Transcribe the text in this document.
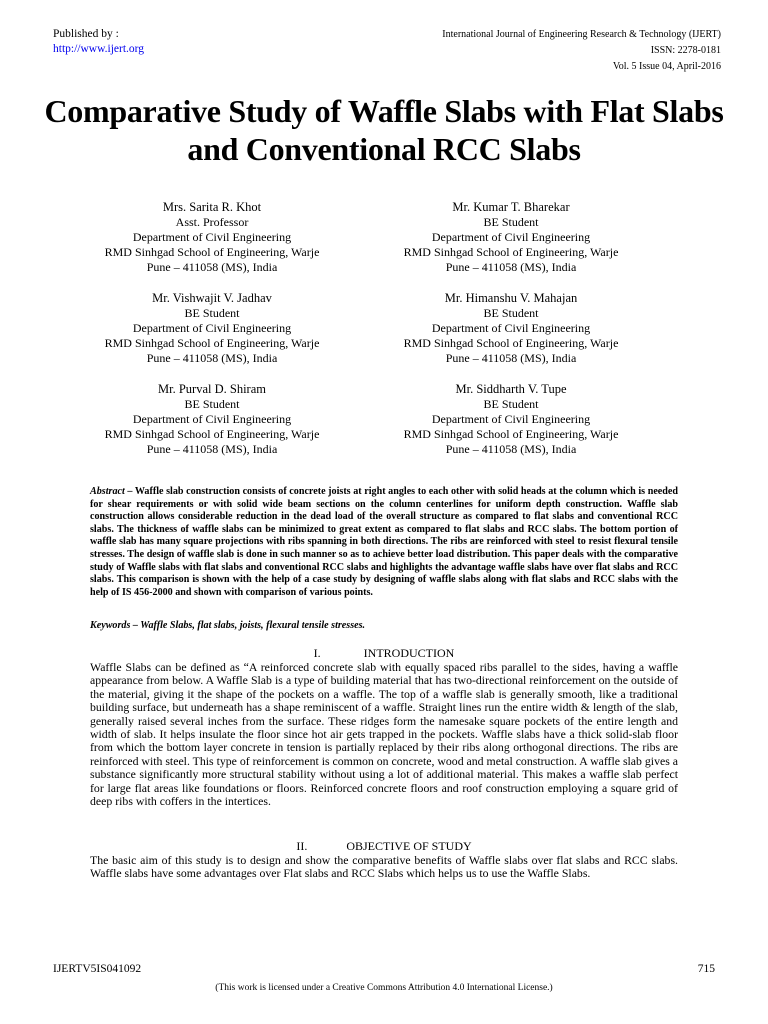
Published by :
http://www.ijert.org
International Journal of Engineering Research & Technology (IJERT)
ISSN: 2278-0181
Vol. 5 Issue 04, April-2016
Comparative Study of Waffle Slabs with Flat Slabs and Conventional RCC Slabs
Mrs. Sarita R. Khot
Asst. Professor
Department of Civil Engineering
RMD Sinhgad School of Engineering, Warje
Pune – 411058 (MS), India
Mr. Kumar T. Bharekar
BE Student
Department of Civil Engineering
RMD Sinhgad School of Engineering, Warje
Pune – 411058 (MS), India
Mr. Vishwajit V. Jadhav
BE Student
Department of Civil Engineering
RMD Sinhgad School of Engineering, Warje
Pune – 411058 (MS), India
Mr. Himanshu V. Mahajan
BE Student
Department of Civil Engineering
RMD Sinhgad School of Engineering, Warje
Pune – 411058 (MS), India
Mr. Purval D. Shiram
BE Student
Department of Civil Engineering
RMD Sinhgad School of Engineering, Warje
Pune – 411058 (MS), India
Mr. Siddharth V. Tupe
BE Student
Department of Civil Engineering
RMD Sinhgad School of Engineering, Warje
Pune – 411058 (MS), India
Abstract – Waffle slab construction consists of concrete joists at right angles to each other with solid heads at the column which is needed for shear requirements or with solid wide beam sections on the column centerlines for uniform depth construction. Waffle slab construction allows considerable reduction in the dead load of the overall structure as compared to flat slabs and conventional RCC slabs. The thickness of waffle slabs can be minimized to great extent as compared to flat slabs and RCC slabs. The bottom portion of waffle slab has many square projections with ribs spanning in both directions. The ribs are reinforced with steel to resist flexural tensile stresses. The design of waffle slab is done in such manner so as to achieve better load distribution. This paper deals with the comparative study of Waffle slabs with flat slabs and conventional RCC slabs and highlights the advantage waffle slabs have over flat slabs and RCC slabs. This comparison is shown with the help of a case study by designing of waffle slabs along with flat slabs and RCC slabs with the help of IS 456-2000 and shown with comparison of various points.
Keywords – Waffle Slabs, flat slabs, joists, flexural tensile stresses.
I.	INTRODUCTION
Waffle Slabs can be defined as “A reinforced concrete slab with equally spaced ribs parallel to the sides, having a waffle appearance from below. A Waffle Slab is a type of building material that has two-directional reinforcement on the outside of the material, giving it the shape of the pockets on a waffle. The top of a waffle slab is generally smooth, like a traditional building surface, but underneath has a shape reminiscent of a waffle. Straight lines run the entire width & length of the slab, generally raised several inches from the surface. These ridges form the namesake square pockets of the entire length and width of slab. It helps insulate the floor since hot air gets trapped in the pockets. Waffle slabs have a thick solid-slab floor from which the bottom layer concrete in tension is partially replaced by their ribs along orthogonal directions. The ribs are reinforced with steel. This type of reinforcement is common on concrete, wood and metal construction. A waffle slab gives a substance significantly more structural stability without using a lot of additional material. This makes a waffle slab perfect for large flat areas like foundations or floors. Reinforced concrete floors and roof construction employing a square grid of deep ribs with coffers in the intertices.
II.	OBJECTIVE OF STUDY
The basic aim of this study is to design and show the comparative benefits of Waffle slabs over flat slabs and RCC slabs. Waffle slabs have some advantages over Flat slabs and RCC Slabs which helps us to use the Waffle Slabs.
IJERTV5IS041092	715
(This work is licensed under a Creative Commons Attribution 4.0 International License.)
